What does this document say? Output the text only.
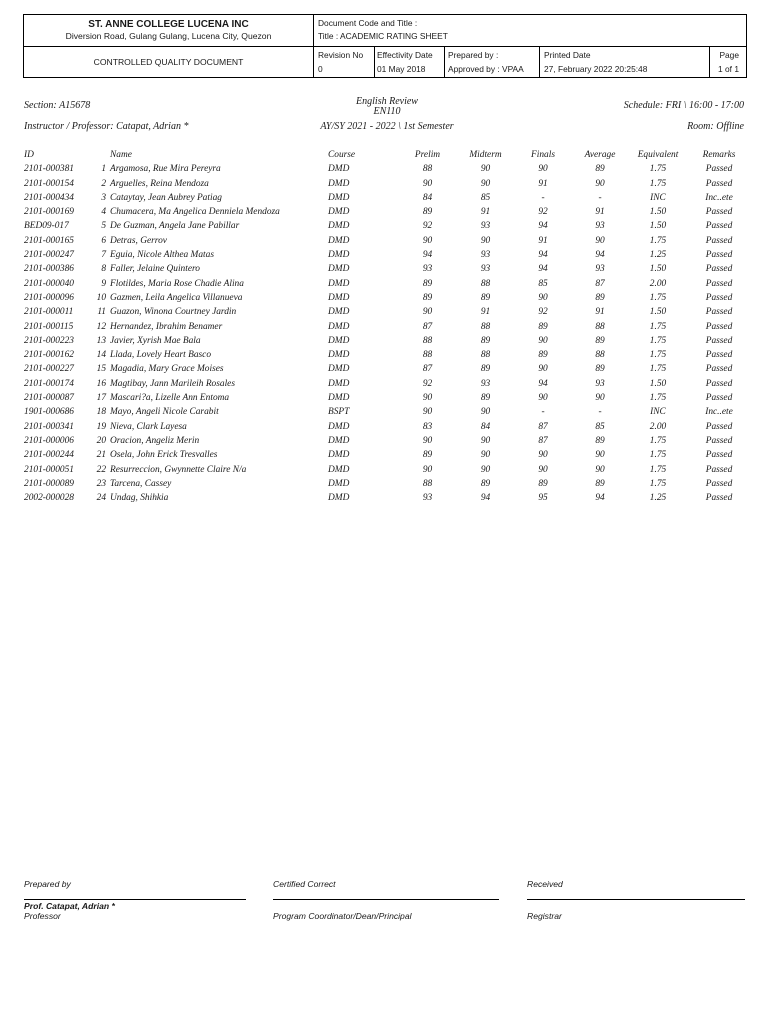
ST. ANNE COLLEGE LUCENA INC
Diversion Road, Gulang Gulang, Lucena City, Quezon
CONTROLLED QUALITY DOCUMENT
Document Code and Title :
Title : ACADEMIC RATING SHEET
Revision No
0
Effectivity Date
01 May 2018
Prepared by :
Approved by : VPAA
Printed Date
27, February 2022 20:25:48
Page
1 of 1
Section: A15678	English Review
EN110
Schedule: FRI \ 16:00 - 17:00
Instructor / Professor: Catapat, Adrian *	AY/SY 2021 - 2022 \ 1st Semester	Room: Offline
ID	Name	Course	Prelim	Midterm	Finals	Average	Equivalent	Remarks
2101-000381	1 Argamosa, Rue Mira Pereyra	DMD	88	90	90	89	1.75	Passed
2101-000154	2 Arguelles, Reina Mendoza	DMD	90	90	91	90	1.75	Passed
2101-000434	3 Cataytay, Jean Aubrey Patiag	DMD	84	85	-	-	INC	Inc..ete
2101-000169	4 Chumacera, Ma Angelica Denniela Mendoza	DMD	89	91	92	91	1.50	Passed
BED09-017	5 De Guzman, Angela Jane Pabillar	DMD	92	93	94	93	1.50	Passed
2101-000165	6 Detras, Gerrov	DMD	90	90	91	90	1.75	Passed
2101-000247	7 Eguia, Nicole Althea Matas	DMD	94	93	94	94	1.25	Passed
2101-000386	8 Faller, Jelaine Quintero	DMD	93	93	94	93	1.50	Passed
2101-000040	9 Flotildes, Maria Rose Chadie Alina	DMD	89	88	85	87	2.00	Passed
2101-000096	10 Gazmen, Leila Angelica Villanueva	DMD	89	89	90	89	1.75	Passed
2101-000011	11 Guazon, Winona Courtney Jardin	DMD	90	91	92	91	1.50	Passed
2101-000115	12 Hernandez, Ibrahim Benamer	DMD	87	88	89	88	1.75	Passed
2101-000223	13 Javier, Xyrish Mae Bala	DMD	88	89	90	89	1.75	Passed
2101-000162	14 Llada, Lovely Heart Basco	DMD	88	88	89	88	1.75	Passed
2101-000227	15 Magadia, Mary Grace Moises	DMD	87	89	90	89	1.75	Passed
2101-000174	16 Magtibay, Jann Marileih Rosales	DMD	92	93	94	93	1.50	Passed
2101-000087	17 Mascari?a, Lizelle Ann Entoma	DMD	90	89	90	90	1.75	Passed
1901-000686	18 Mayo, Angeli Nicole Carabit	BSPT	90	90	-	-	INC	Inc..ete
2101-000341	19 Nieva, Clark Layesa	DMD	83	84	87	85	2.00	Passed
2101-000006	20 Oracion, Angeliz Merin	DMD	90	90	87	89	1.75	Passed
2101-000244	21 Osela, John Erick Tresvalles	DMD	89	90	90	90	1.75	Passed
2101-000051	22 Resurreccion, Gwynnette Claire N/a	DMD	90	90	90	90	1.75	Passed
2101-000089	23 Tarcena, Cassey	DMD	88	89	89	89	1.75	Passed
2002-000028	24 Undag, Shihkia	DMD	93	94	95	94	1.25	Passed
Prepared by
Prof. Catapat, Adrian *
Professor
Certified Correct
Program Coordinator/Dean/Principal
Received
Registrar
